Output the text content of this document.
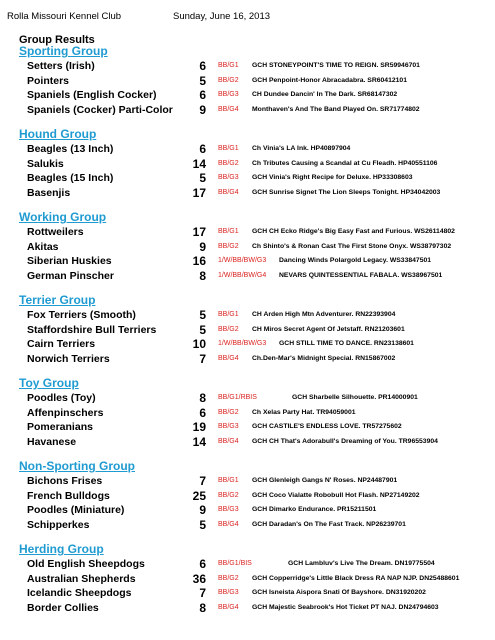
Rolla Missouri Kennel Club	Sunday, June 16, 2013
Group Results
Sporting Group
Setters (Irish)	6 BB/G1 GCH STONEYPOINT'S TIME TO REIGN. SR59946701
Pointers	5 BB/G2 GCH Penpoint-Honor Abracadabra. SR60412101
Spaniels (English Cocker)	6 BB/G3 CH Dundee Dancin' In The Dark. SR68147302
Spaniels (Cocker) Parti-Color 9 BB/G4 Monthaven's And The Band Played On. SR71774802
Hound Group
Beagles (13 Inch)	6 BB/G1 Ch Vinia's LA Ink. HP40897904
Salukis	14 BB/G2 Ch Tributes Causing a Scandal at Cu Fleadh. HP40551106
Beagles (15 Inch)	5 BB/G3 GCH Vinia's Right Recipe for Deluxe. HP33308603
Basenjis	17 BB/G4 GCH Sunrise Signet The Lion Sleeps Tonight. HP34042003
Working Group
Rottweilers	17 BB/G1 GCH CH Ecko Ridge's Big Easy Fast and Furious. WS26114802
Akitas	9 BB/G2 Ch Shinto's & Ronan Cast The First Stone Onyx. WS38797302
Siberian Huskies	16 1/W/BB/BW/G3 Dancing Winds Polargold Legacy. WS33847501
German Pinscher	8 1/W/BB/BW/G4 NEVARS QUINTESSENTIAL FABALA. WS38967501
Terrier Group
Fox Terriers (Smooth)	5 BB/G1 CH Arden High Mtn Adventurer. RN22393904
Staffordshire Bull Terriers	5 BB/G2 CH Miros Secret Agent Of Jetstaff. RN21203601
Cairn Terriers	10 1/W/BB/BW/G3 GCH STILL TIME TO DANCE. RN23138601
Norwich Terriers	7 BB/G4 Ch.Den-Mar's Midnight Special. RN15867002
Toy Group
Poodles (Toy)	8 BB/G1/RBIS	GCH Sharbelle Silhouette. PR14000901
Affenpinschers	6 BB/G2 Ch Xelas Party Hat. TR94059001
Pomeranians	19 BB/G3 GCH CASTILE'S ENDLESS LOVE. TR57275602
Havanese	14 BB/G4 GCH CH That's Adorabull's Dreaming of You. TR96553904
Non-Sporting Group
Bichons Frises	7 BB/G1 GCH Glenleigh Gangs N' Roses. NP24487901
French Bulldogs	25 BB/G2 GCH Coco Vialatte Robobull Hot Flash. NP27149202
Poodles (Miniature)	9 BB/G3 GCH Dimarko Endurance. PR15211501
Schipperkes	5 BB/G4 GCH Daradan's On The Fast Track. NP26239701
Herding Group
Old English Sheepdogs	6 BB/G1/BIS	GCH Lambluv's Live The Dream. DN19775504
Australian Shepherds	36 BB/G2 GCH Copperridge's Little Black Dress RA NAP NJP. DN25488601
Icelandic Sheepdogs	7 BB/G3 GCH Isneista Aispora Snati Of Bayshore. DN31920202
Border Collies	8 BB/G4 GCH Majestic Seabrook's Hot Ticket PT NAJ. DN24794603
